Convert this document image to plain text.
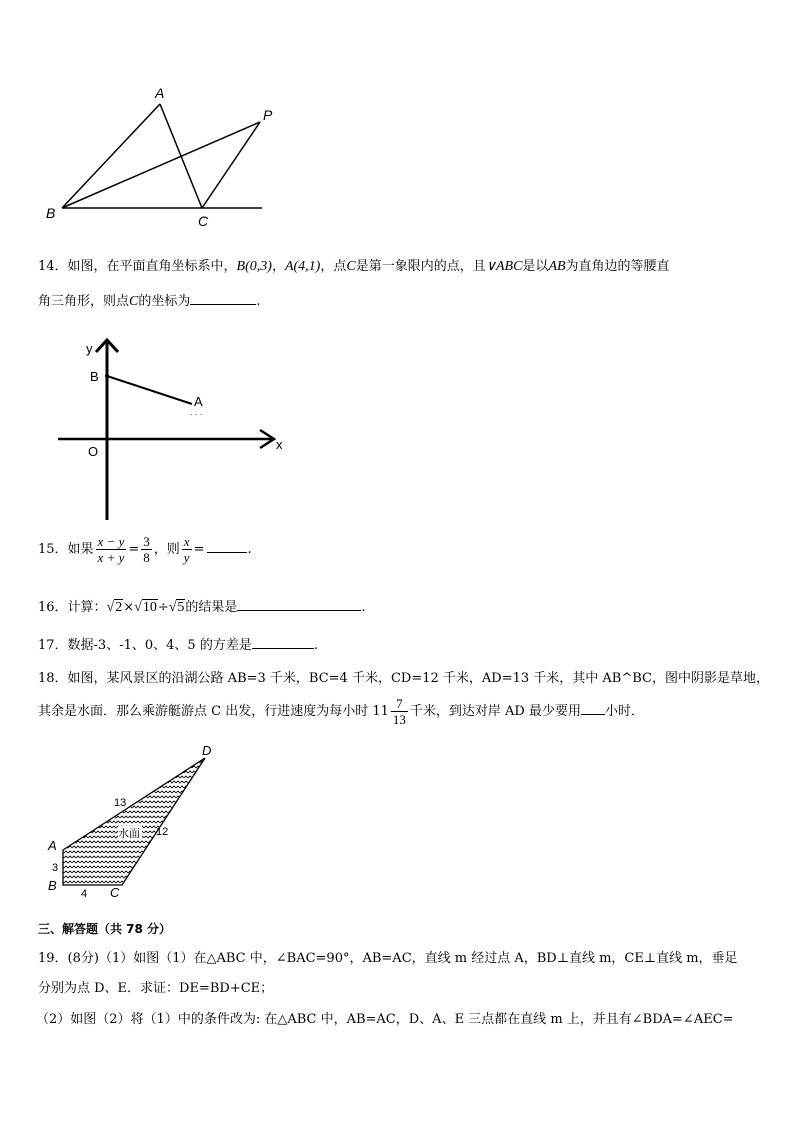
A
P
B	C
14．如图，在平面直角坐标系中，B(0,3)，A(4,1)，点C是第一象限内的点，且∨ABC是以AB为直角边的等腰直
角三角形，则点C的坐标为	.
y
x
O
B
A
· · ·
15．如果 $\frac{x - y}{x + y} = \frac{3}{8}$ ，则 $\frac{x}{y}$ =	.
16．计算：√2×√10÷√5的结果是	.
17．数据-3、-1、0、4、5 的方差是	.
18．如图，某风景区的沿湖公路 AB=3 千米，BC=4 千米，CD=12 千米，AD=13 千米，其中 AB^BC，图中阴影是草地，
其余是水面．那么乘游艇游点 C 出发，行进速度为每小时 $11 \frac{7}{13}$ 千米，到达对岸 AD 最少要用 小时．
水面
D
A
B	C
13
12
3
4
三、解答题（共 78 分）
19．(8分)（1）如图（1）在△ABC 中，∠BAC=90°，AB=AC，直线 m 经过点 A，BD⊥直线 m，CE⊥直线 m，垂足
分别为点 D、E．求证：DE=BD+CE；
（2）如图（2）将（1）中的条件改为: 在△ABC 中，AB=AC，D、A、E 三点都在直线 m 上，并且有∠BDA=∠AEC=
